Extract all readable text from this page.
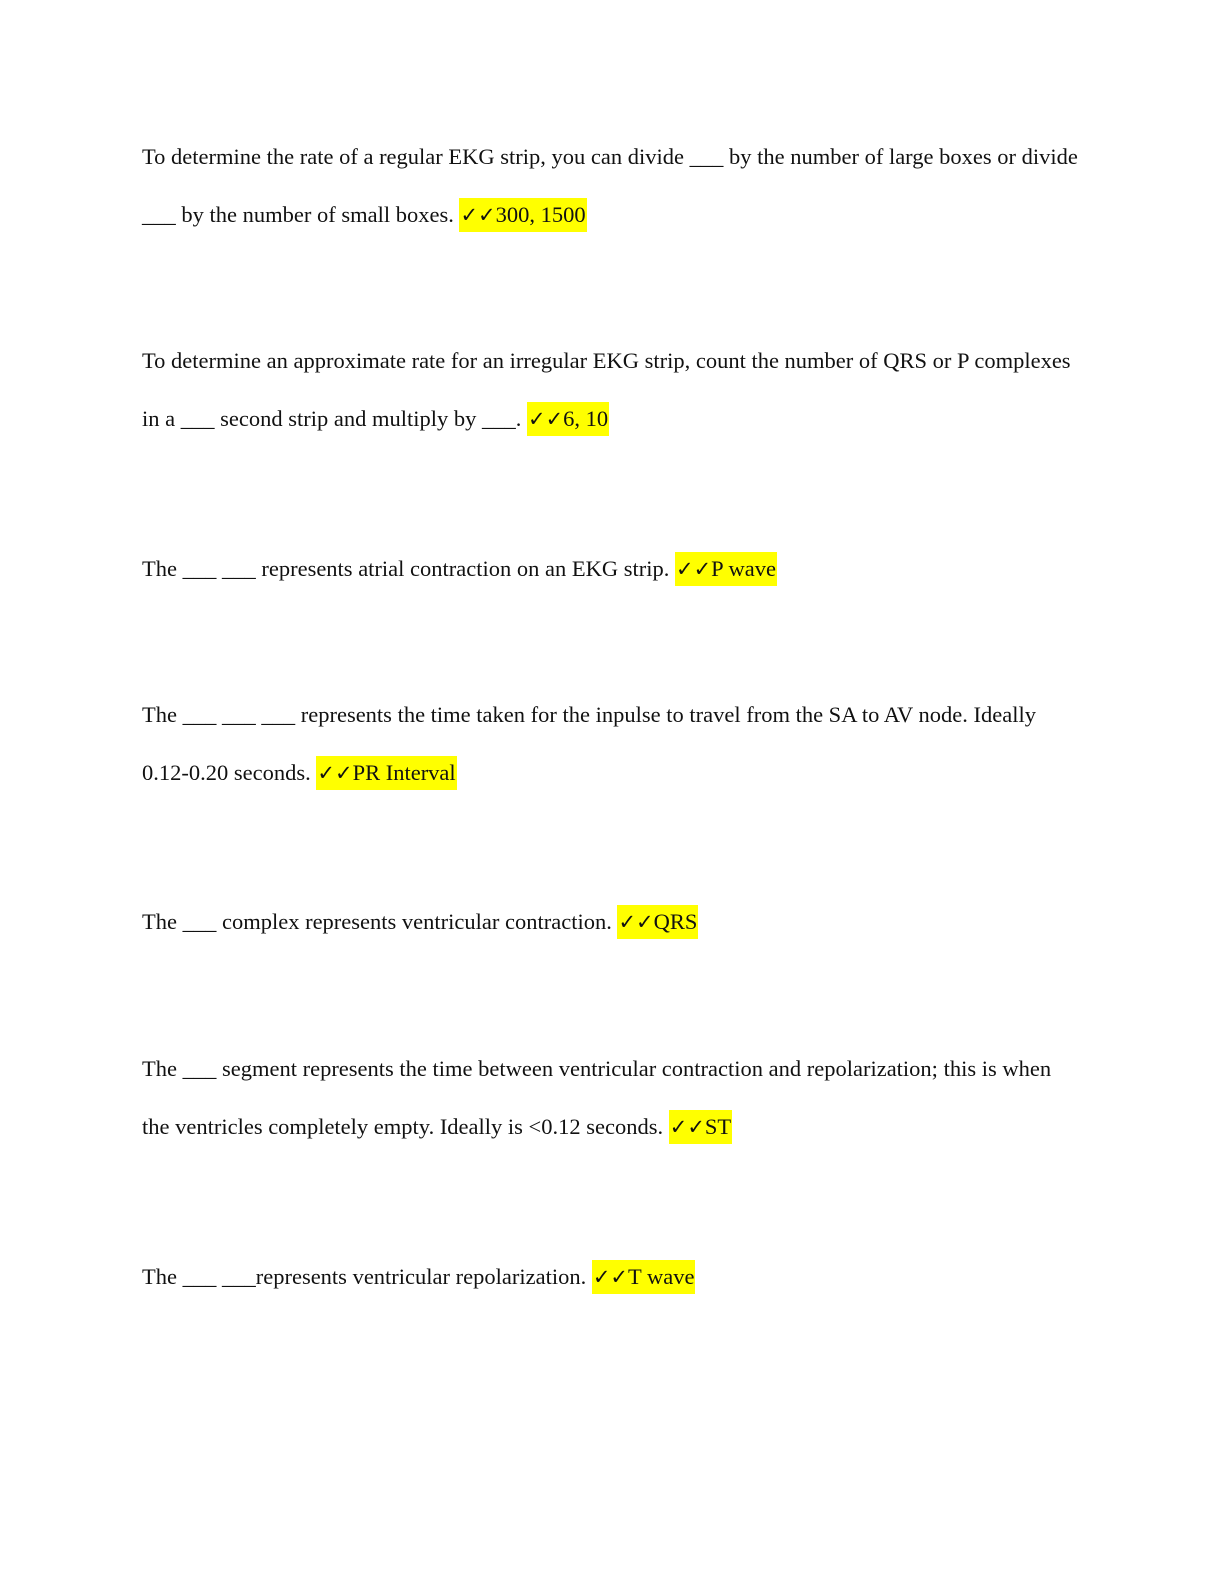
To determine the rate of a regular EKG strip, you can divide ___ by the number of large boxes or divide ___ by the number of small boxes. ✓✓300, 1500
To determine an approximate rate for an irregular EKG strip, count the number of QRS or P complexes in a ___ second strip and multiply by ___. ✓✓6, 10
The ___ ___ represents atrial contraction on an EKG strip. ✓✓P wave
The ___ ___ ___ represents the time taken for the inpulse to travel from the SA to AV node. Ideally 0.12-0.20 seconds. ✓✓PR Interval
The ___ complex represents ventricular contraction. ✓✓QRS
The ___ segment represents the time between ventricular contraction and repolarization; this is when the ventricles completely empty. Ideally is <0.12 seconds. ✓✓ST
The ___ ___represents ventricular repolarization. ✓✓T wave
